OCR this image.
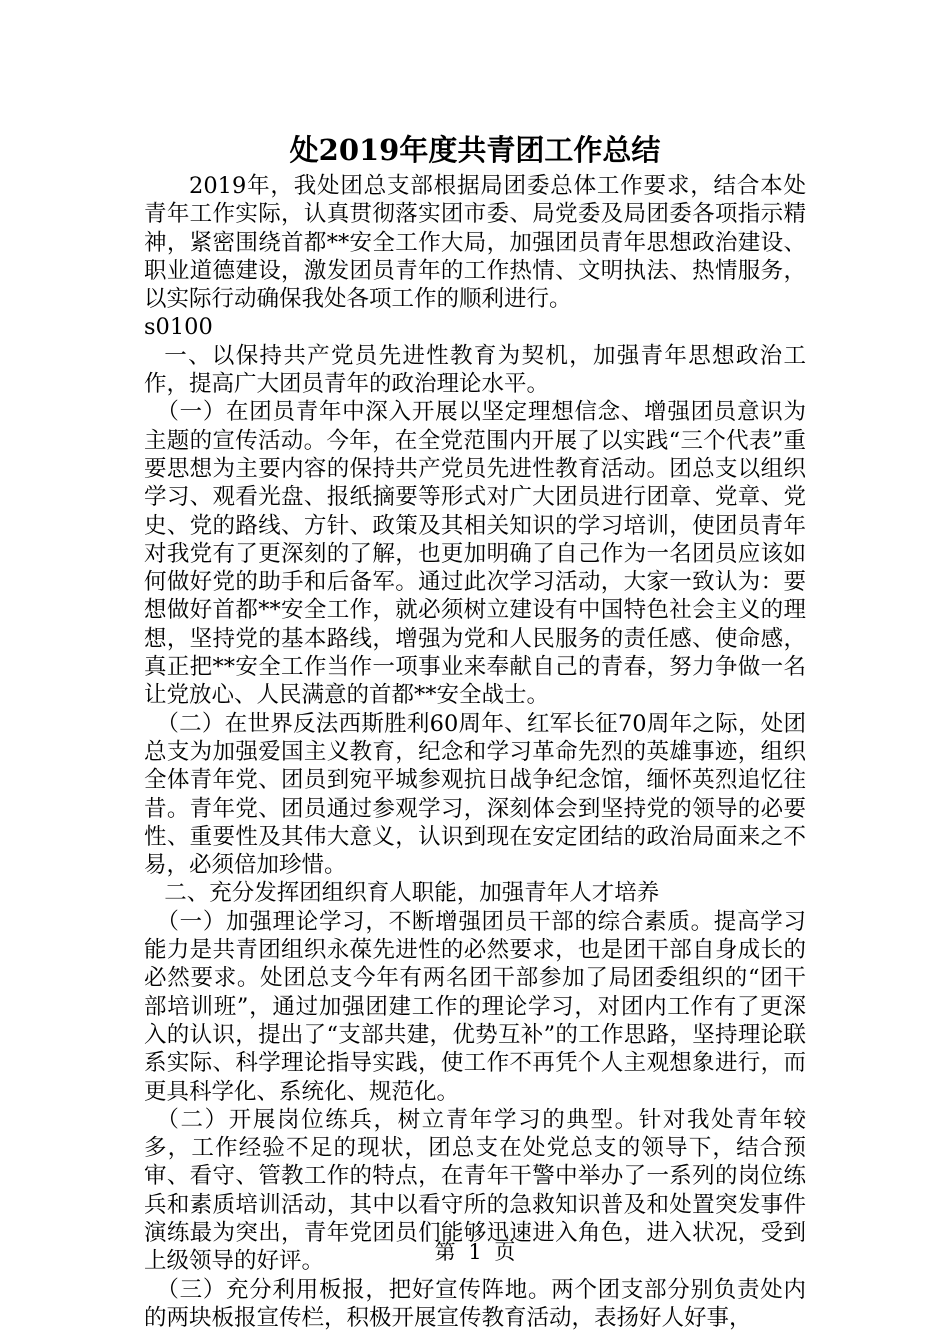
处2019年度共青团工作总结

2019年，我处团总支部根据局团委总体工作要求，结合本处青年工作实际，认真贯彻落实团市委、局党委及局团委各项指示精神，紧密围绕首都**安全工作大局，加强团员青年思想政治建设、职业道德建设，激发团员青年的工作热情、文明执法、热情服务，以实际行动确保我处各项工作的顺利进行。

s0100

一、以保持共产党员先进性教育为契机，加强青年思想政治工作，提高广大团员青年的政治理论水平。

（一）在团员青年中深入开展以坚定理想信念、增强团员意识为主题的宣传活动。今年，在全党范围内开展了以实践“三个代表”重要思想为主要内容的保持共产党员先进性教育活动。团总支以组织学习、观看光盘、报纸摘要等形式对广大团员进行团章、党章、党史、党的路线、方针、政策及其相关知识的学习培训，使团员青年对我党有了更深刻的了解，也更加明确了自己作为一名团员应该如何做好党的助手和后备军。通过此次学习活动，大家一致认为：要想做好首都**安全工作，就必须树立建设有中国特色社会主义的理想，坚持党的基本路线，增强为党和人民服务的责任感、使命感，真正把**安全工作当作一项事业来奉献自己的青春，努力争做一名让党放心、人民满意的首都**安全战士。

（二）在世界反法西斯胜利60周年、红军长征70周年之际，处团总支为加强爱国主义教育，纪念和学习革命先烈的英雄事迹，组织全体青年党、团员到宛平城参观抗日战争纪念馆，缅怀英烈追忆往昔。青年党、团员通过参观学习，深刻体会到坚持党的领导的必要性、重要性及其伟大意义，认识到现在安定团结的政治局面来之不易，必须倍加珍惜。

二、充分发挥团组织育人职能，加强青年人才培养

（一）加强理论学习，不断增强团员干部的综合素质。提高学习能力是共青团组织永葆先进性的必然要求，也是团干部自身成长的必然要求。处团总支今年有两名团干部参加了局团委组织的“团干部培训班”，通过加强团建工作的理论学习，对团内工作有了更深入的认识，提出了“支部共建，优势互补”的工作思路，坚持理论联系实际、科学理论指导实践，使工作不再凭个人主观想象进行，而更具科学化、系统化、规范化。

（二）开展岗位练兵，树立青年学习的典型。针对我处青年较多，工作经验不足的现状，团总支在处党总支的领导下，结合预审、看守、管教工作的特点，在青年干警中举办了一系列的岗位练兵和素质培训活动，其中以看守所的急救知识普及和处置突发事件演练最为突出，青年党团员们能够迅速进入角色，进入状况，受到上级领导的好评。

（三）充分利用板报，把好宣传阵地。两个团支部分别负责处内的两块板报宣传栏，积极开展宣传教育活动，表扬好人好事，

第 1 页
